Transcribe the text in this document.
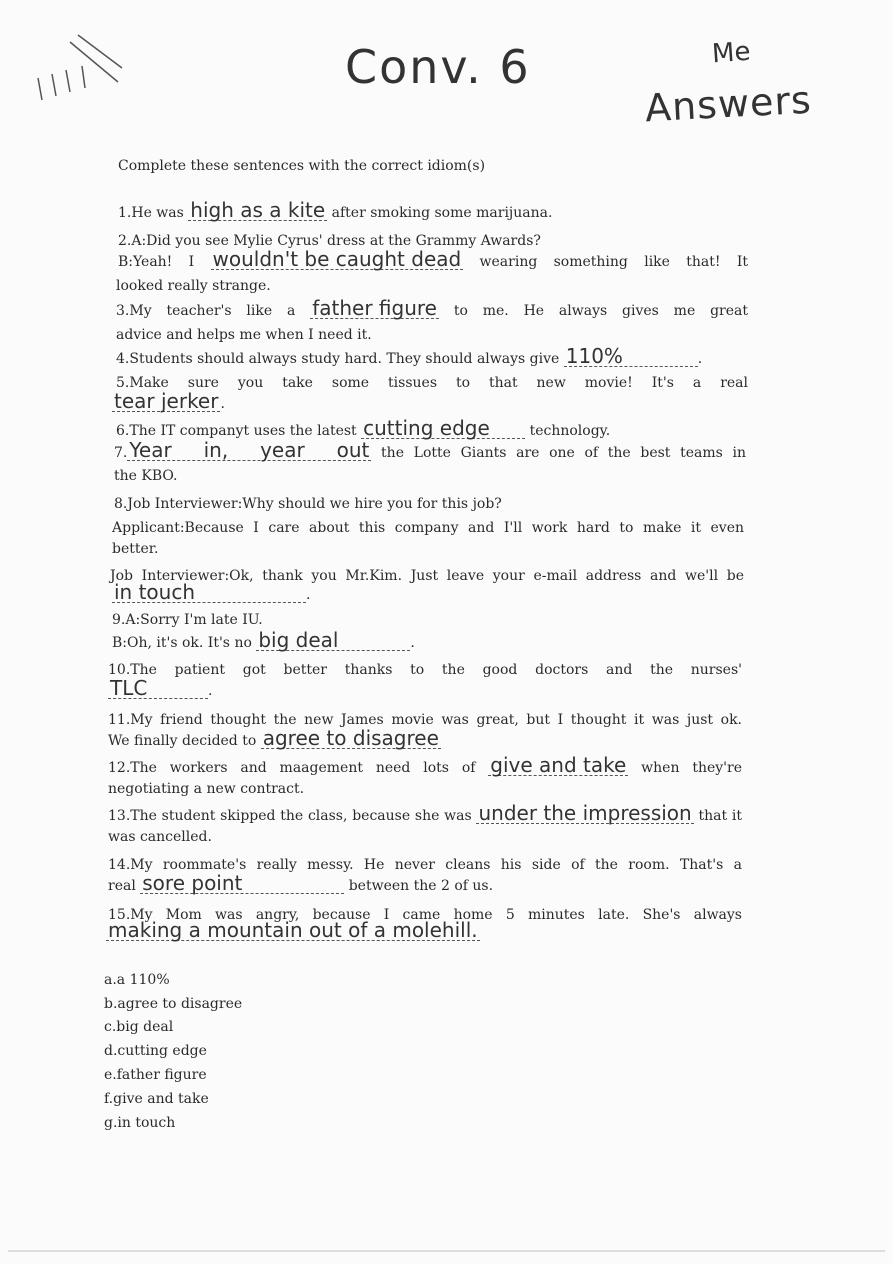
Conv. 6	Me
Answers
Complete these sentences with the correct idiom(s)
1.He was high as a kite after smoking some marijuana.
2.A:Did you see Mylie Cyrus' dress at the Grammy Awards?
B:Yeah! I wouldn't be caught dead wearing something like that! It
looked really strange.
3.My teacher's like a father figure to me. He always gives me great
advice and helps me when I need it.
4.Students should always study hard. They should always give 110%	.
5.Make sure you take some tissues to that new movie! It's a real
tear jerker .
6.The IT companyt uses the latest cutting edge	technology.
7. Year in, year out the Lotte Giants are one of the best teams in
the KBO.
8.Job Interviewer:Why should we hire you for this job?
Applicant:Because I care about this company and I'll work hard to make it even
better.
Job Interviewer:Ok, thank you Mr.Kim. Just leave your e-mail address and we'll be
in touch	.
9.A:Sorry I'm late IU.
B:Oh, it's ok. It's no big deal	.
10.The patient got better thanks to the good doctors and the nurses'
TLC	.
11.My friend thought the new James movie was great, but I thought it was just ok.
We finally decided to agree to disagree
12.The workers and maagement need lots of give and take when they're
negotiating a new contract.
13.The student skipped the class, because she was under the impression that it
was cancelled.
14.My roommate's really messy. He never cleans his side of the room. That's a
real sore point	between the 2 of us.
15.My Mom was angry, because I came home 5 minutes late. She's always
making a mountain out of a molehill.
a.a 110%
b.agree to disagree
c.big deal
d.cutting edge
e.father figure
f.give and take
g.in touch
